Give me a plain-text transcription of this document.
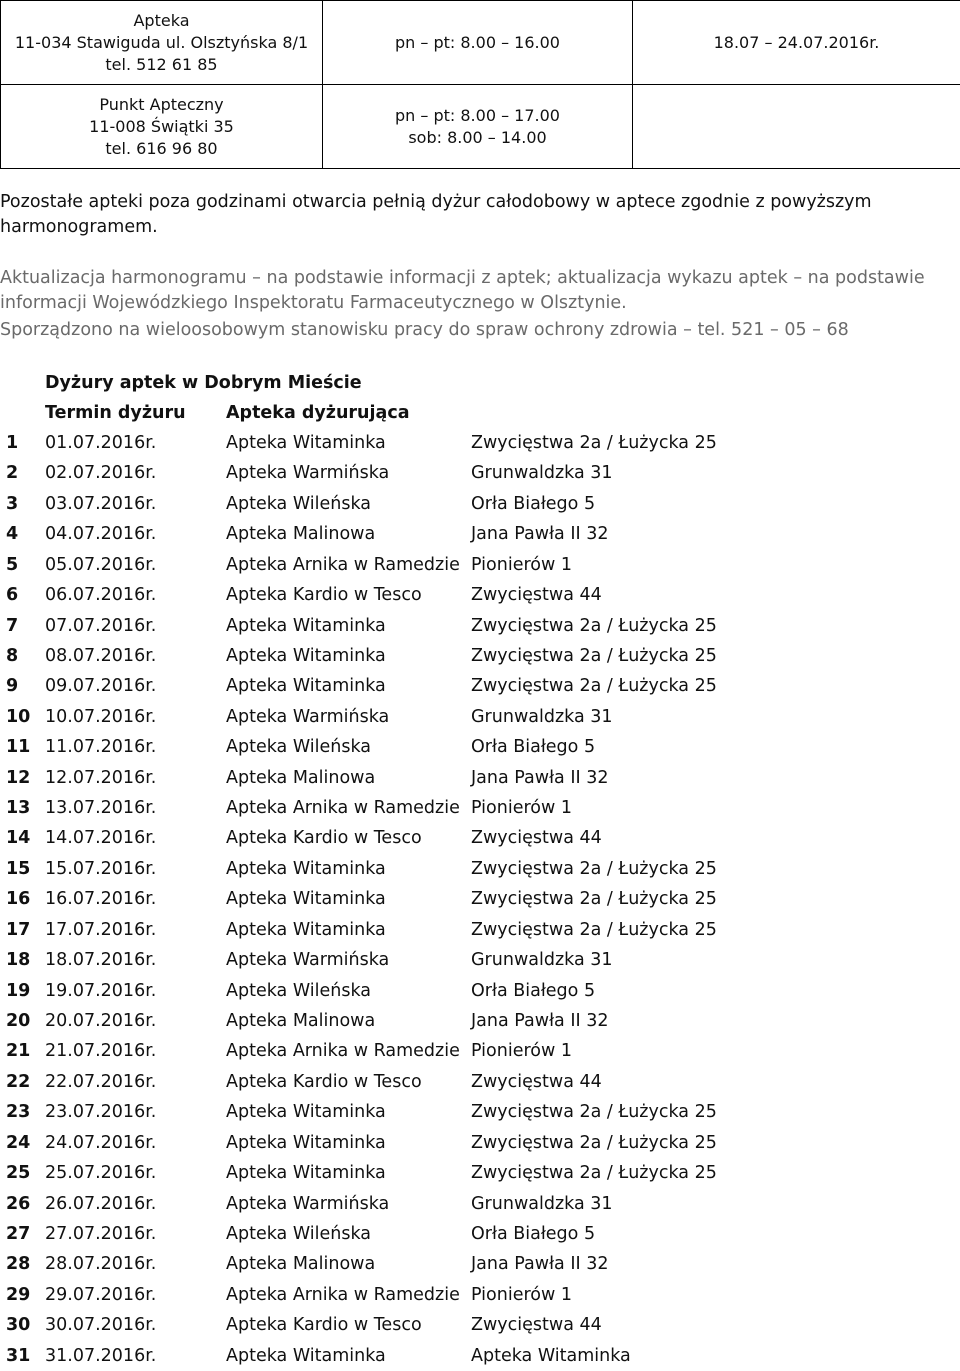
Apteka
11-034 Stawiguda ul. Olsztyńska 8/1
tel. 512 61 85	pn – pt: 8.00 – 16.00	18.07 – 24.07.2016r.

Punkt Apteczny
11-008 Świątki 35
tel. 616 96 80	pn – pt: 8.00 – 17.00
sob: 8.00 – 14.00	

Pozostałe apteki poza godzinami otwarcia pełnią dyżur całodobowy w aptece zgodnie z powyższym harmonogramem.
Aktualizacja harmonogramu – na podstawie informacji z aptek; aktualizacja wykazu aptek – na podstawie informacji Wojewódzkiego Inspektoratu Farmaceutycznego w Olsztynie.
Sporządzono na wieloosobowym stanowisku pracy do spraw ochrony zdrowia – tel. 521 – 05 – 68
Dyżury aptek w Dobrym Mieście
Termin dyżuru Apteka dyżurująca
1 01.07.2016r.	Apteka Witaminka	Zwycięstwa 2a / Łużycka 25
2 02.07.2016r.	Apteka Warmińska	Grunwaldzka 31
3 03.07.2016r.	Apteka Wileńska	Orła Białego 5
4 04.07.2016r.	Apteka Malinowa	Jana Pawła II 32
5 05.07.2016r.	Apteka Arnika w Ramedzie Pionierów 1
6 06.07.2016r.	Apteka Kardio w Tesco	Zwycięstwa 44
7 07.07.2016r.	Apteka Witaminka	Zwycięstwa 2a / Łużycka 25
8 08.07.2016r.	Apteka Witaminka	Zwycięstwa 2a / Łużycka 25
9 09.07.2016r.	Apteka Witaminka	Zwycięstwa 2a / Łużycka 25
10 10.07.2016r.	Apteka Warmińska	Grunwaldzka 31
11 11.07.2016r.	Apteka Wileńska	Orła Białego 5
12 12.07.2016r.	Apteka Malinowa	Jana Pawła II 32
13 13.07.2016r.	Apteka Arnika w Ramedzie Pionierów 1
14 14.07.2016r.	Apteka Kardio w Tesco	Zwycięstwa 44
15 15.07.2016r.	Apteka Witaminka	Zwycięstwa 2a / Łużycka 25
16 16.07.2016r.	Apteka Witaminka	Zwycięstwa 2a / Łużycka 25
17 17.07.2016r.	Apteka Witaminka	Zwycięstwa 2a / Łużycka 25
18 18.07.2016r.	Apteka Warmińska	Grunwaldzka 31
19 19.07.2016r.	Apteka Wileńska	Orła Białego 5
20 20.07.2016r.	Apteka Malinowa	Jana Pawła II 32
21 21.07.2016r.	Apteka Arnika w Ramedzie Pionierów 1
22 22.07.2016r.	Apteka Kardio w Tesco	Zwycięstwa 44
23 23.07.2016r.	Apteka Witaminka	Zwycięstwa 2a / Łużycka 25
24 24.07.2016r.	Apteka Witaminka	Zwycięstwa 2a / Łużycka 25
25 25.07.2016r.	Apteka Witaminka	Zwycięstwa 2a / Łużycka 25
26 26.07.2016r.	Apteka Warmińska	Grunwaldzka 31
27 27.07.2016r.	Apteka Wileńska	Orła Białego 5
28 28.07.2016r.	Apteka Malinowa	Jana Pawła II 32
29 29.07.2016r.	Apteka Arnika w Ramedzie Pionierów 1
30 30.07.2016r.	Apteka Kardio w Tesco	Zwycięstwa 44
31 31.07.2016r.	Apteka Witaminka	Apteka Witaminka
